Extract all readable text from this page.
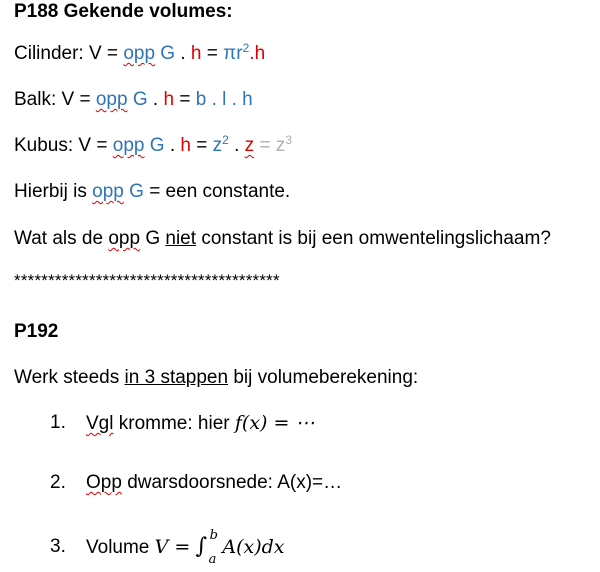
P188 Gekende volumes:
Cilinder: V = opp G . $h = \pi r^2.h$
Balk: V = opp G . h = b . l . h
Kubus: V = opp G . $h = z^2$ . $z = z^3$
Hierbij is opp G = een constante.
Wat als de opp G niet constant is bij een omwentelingslichaam?
***************************************
P192
Werk steeds in 3 stappen bij volumeberekening:
1. Vgl kromme: hier f(x) = ⋯
2. Opp dwarsdoorsnede: A(x)=…
3. Volume V = ∫ b
a
A(x)dx
